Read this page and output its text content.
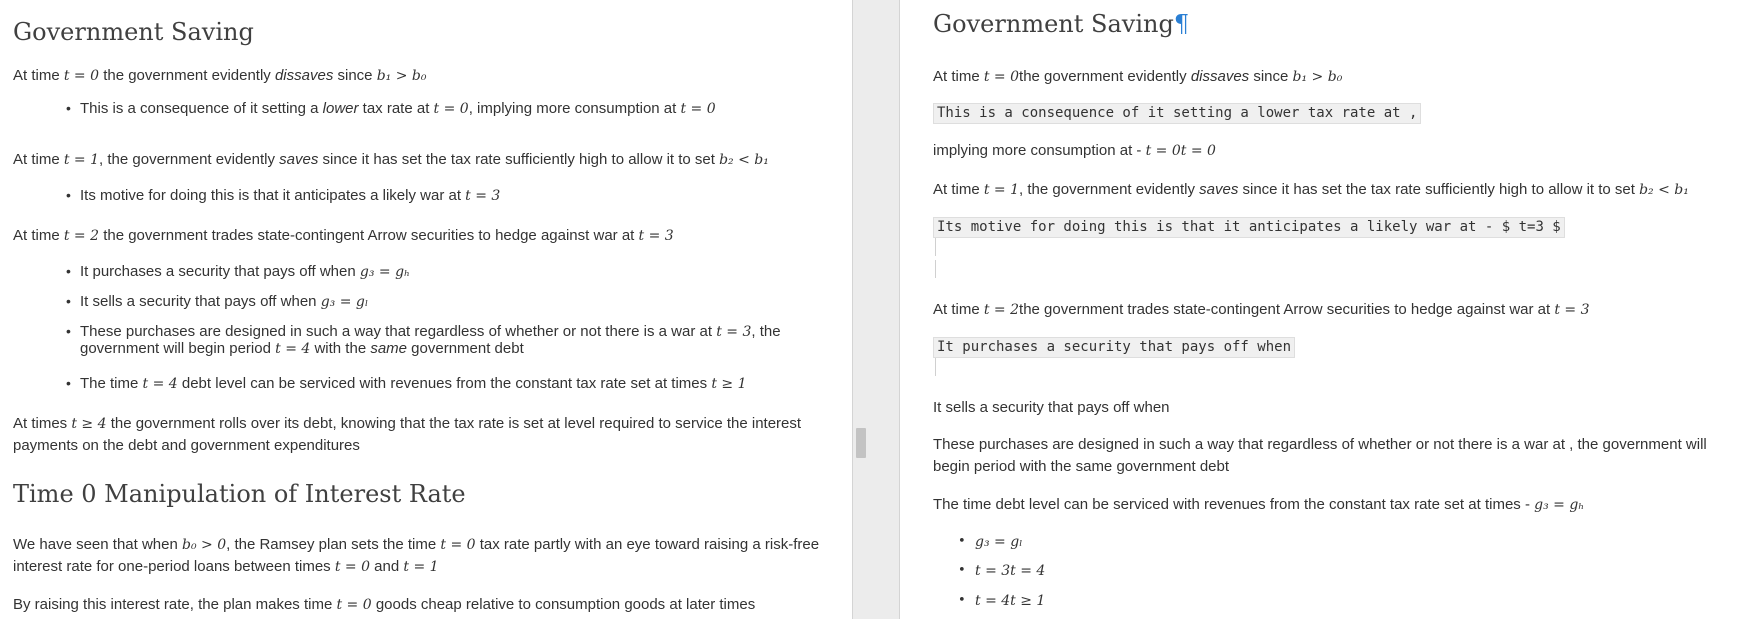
Government Saving

At time t = 0 the government evidently dissaves since b₁ > b₀

• This is a consequence of it setting a lower tax rate at t = 0, implying more consumption at t = 0

At time t = 1, the government evidently saves since it has set the tax rate sufficiently high to allow it to set b₂ < b₁

• Its motive for doing this is that it anticipates a likely war at t = 3

At time t = 2 the government trades state-contingent Arrow securities to hedge against war at t = 3

• It purchases a security that pays off when g₃ = gₕ
• It sells a security that pays off when g₃ = gₗ
• These purchases are designed in such a way that regardless of whether or not there is a war at t = 3, the government will begin period t = 4 with the same government debt
• The time t = 4 debt level can be serviced with revenues from the constant tax rate set at times t ≥ 1

At times t ≥ 4 the government rolls over its debt, knowing that the tax rate is set at level required to service the interest payments on the debt and government expenditures

Time 0 Manipulation of Interest Rate

We have seen that when b₀ > 0, the Ramsey plan sets the time t = 0 tax rate partly with an eye toward raising a risk-free interest rate for one-period loans between times t = 0 and t = 1

By raising this interest rate, the plan makes time t = 0 goods cheap relative to consumption goods at later times

Government Saving¶

At time t = 0the government evidently dissaves since b₁ > b₀

This is a consequence of it setting a lower tax rate at ,

implying more consumption at - t = 0t = 0

At time t = 1, the government evidently saves since it has set the tax rate sufficiently high to allow it to set b₂ < b₁

Its motive for doing this is that it anticipates a likely war at - $ t=3 $

At time t = 2the government trades state-contingent Arrow securities to hedge against war at t = 3

It purchases a security that pays off when

It sells a security that pays off when

These purchases are designed in such a way that regardless of whether or not there is a war at , the government will begin period with the same government debt

The time debt level can be serviced with revenues from the constant tax rate set at times - g₃ = gₕ

• g₃ = gₗ
• t = 3t = 4
• t = 4t ≥ 1
